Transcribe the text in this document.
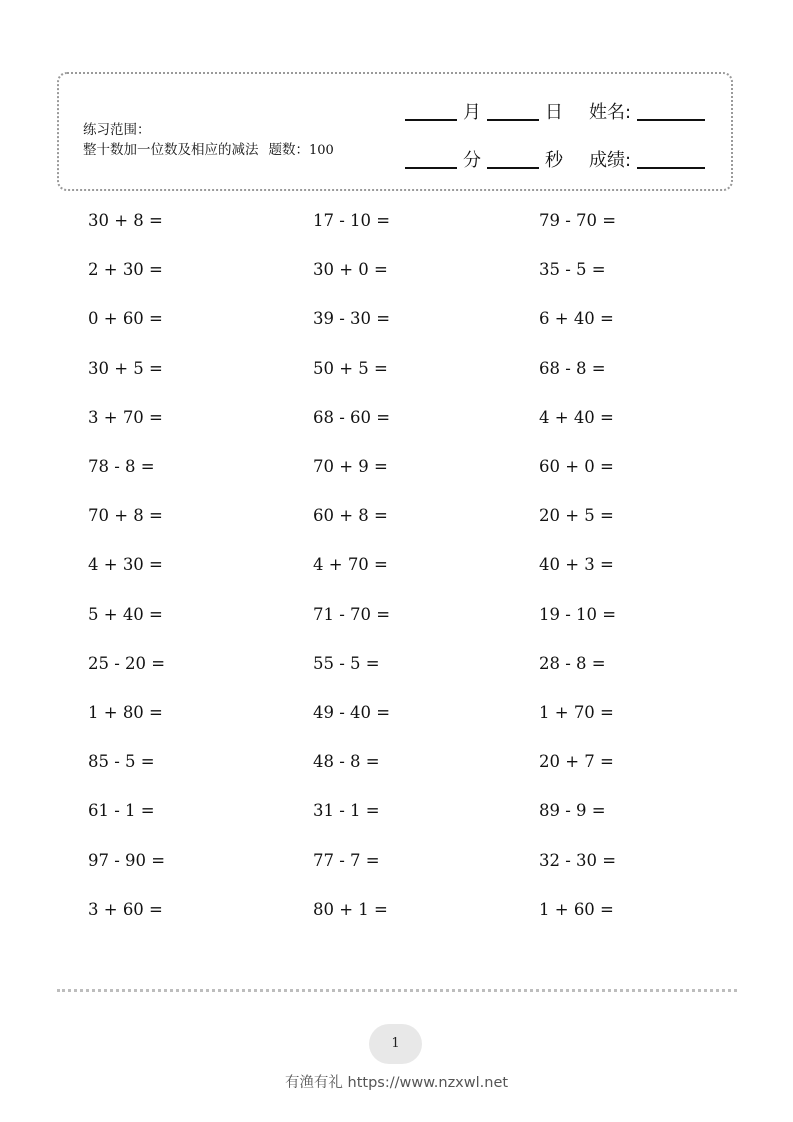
练习范围：
整十数加一位数及相应的减法 题数：100
月	日 姓名:
分	秒 成绩:
30 + 8 =	17 - 10 =	79 - 70 =
2 + 30 =	30 + 0 =	35 - 5 =
0 + 60 =	39 - 30 =	6 + 40 =
30 + 5 =	50 + 5 =	68 - 8 =
3 + 70 =	68 - 60 =	4 + 40 =
78 - 8 =	70 + 9 =	60 + 0 =
70 + 8 =	60 + 8 =	20 + 5 =
4 + 30 =	4 + 70 =	40 + 3 =
5 + 40 =	71 - 70 =	19 - 10 =
25 - 20 =	55 - 5 =	28 - 8 =
1 + 80 =	49 - 40 =	1 + 70 =
85 - 5 =	48 - 8 =	20 + 7 =
61 - 1 =	31 - 1 =	89 - 9 =
97 - 90 =	77 - 7 =	32 - 30 =
3 + 60 =	80 + 1 =	1 + 60 =
1
有渔有礼 https://www.nzxwl.net
